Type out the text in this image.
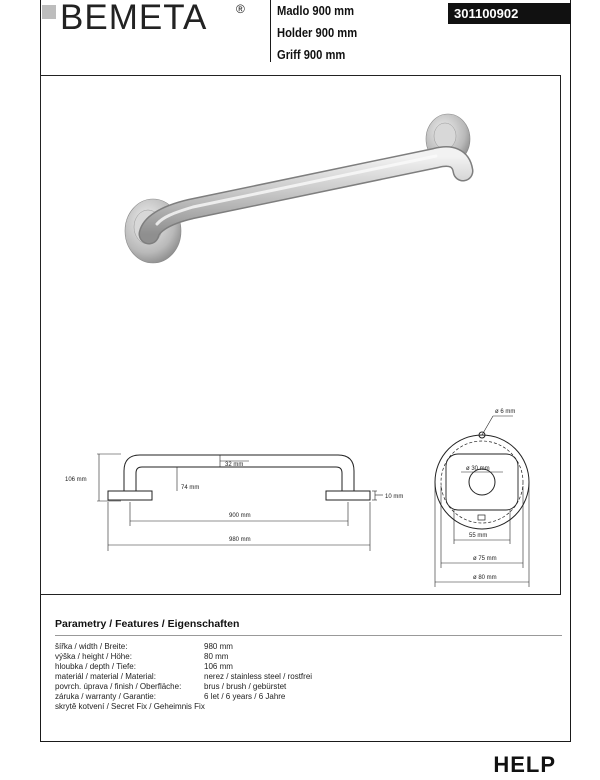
BEMETA ® Madlo 900 mm
Holder 900 mm
Griff 900 mm
301100902
106 mm
32 mm
74 mm
10 mm
900 mm
980 mm
ø 6 mm
ø 30 mm
55 mm
ø 75 mm
ø 80 mm
Parametry / Features / Eigenschaften
šířka / width / Breite:	980 mm
výška / height / Höhe:	80 mm
hloubka / depth / Tiefe:	106 mm
materiál / material / Material:	nerez / stainless steel / rostfrei
povrch. úprava / finish / Oberfläche:	brus / brush / gebürstet
záruka / warranty / Garantie:	6 let / 6 years / 6 Jahre
skrytě kotvení / Secret Fix / Geheimnis Fix
HELP
